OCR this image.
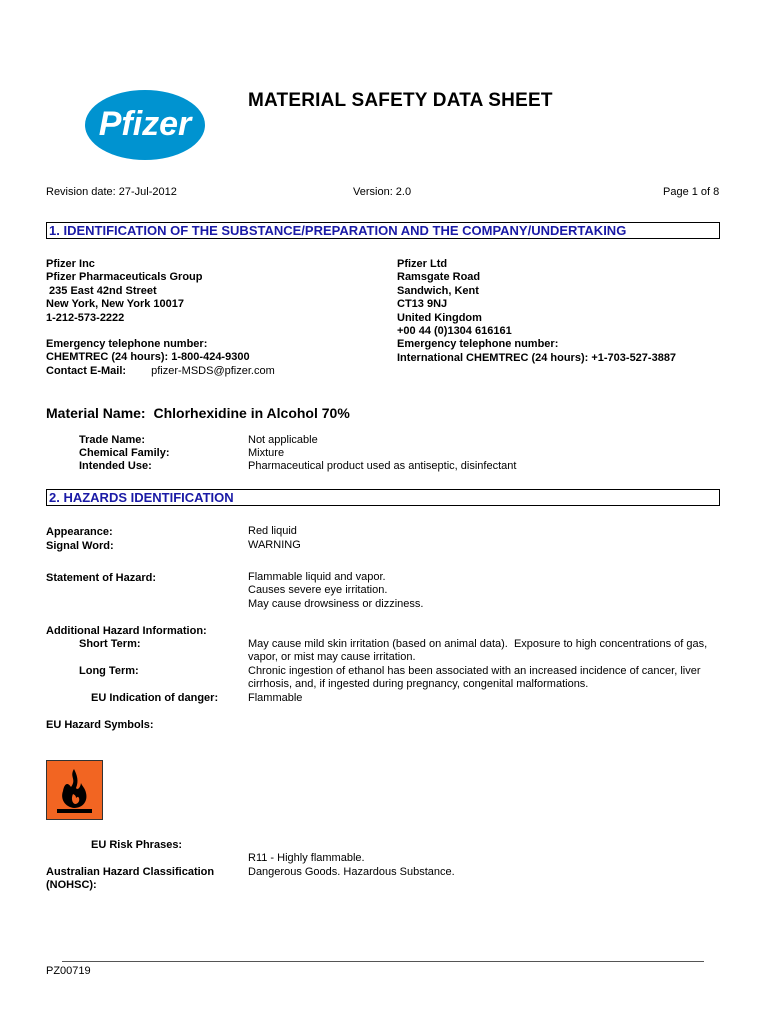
Pfizer
MATERIAL SAFETY DATA SHEET
Revision date: 27-Jul-2012	Version: 2.0	Page 1 of 8
1. IDENTIFICATION OF THE SUBSTANCE/PREPARATION AND THE COMPANY/UNDERTAKING
Pfizer Inc
Pfizer Pharmaceuticals Group
235 East 42nd Street
New York, New York 10017
1-212-573-2222
Emergency telephone number:
CHEMTREC (24 hours): 1-800-424-9300
Contact E-Mail: pfizer-MSDS@pfizer.com
Pfizer Ltd
Ramsgate Road
Sandwich, Kent
CT13 9NJ
United Kingdom
+00 44 (0)1304 616161
Emergency telephone number:
International CHEMTREC (24 hours): +1-703-527-3887
Material Name: Chlorhexidine in Alcohol 70%
Trade Name:	Not applicable
Chemical Family:	Mixture
Intended Use:	Pharmaceutical product used as antiseptic, disinfectant
2. HAZARDS IDENTIFICATION
Appearance:	Red liquid
Signal Word:	WARNING
Statement of Hazard:	Flammable liquid and vapor.
Causes severe eye irritation.
May cause drowsiness or dizziness.
Additional Hazard Information:
Short Term:	May cause mild skin irritation (based on animal data).  Exposure to high concentrations of gas,
vapor, or mist may cause irritation.
Long Term:	Chronic ingestion of ethanol has been associated with an increased incidence of cancer, liver
cirrhosis, and, if ingested during pregnancy, congenital malformations.
EU Indication of danger:	Flammable
EU Hazard Symbols:
EU Risk Phrases:
R11 - Highly flammable.
Australian Hazard Classification
(NOHSC):
Dangerous Goods. Hazardous Substance.
PZ00719
